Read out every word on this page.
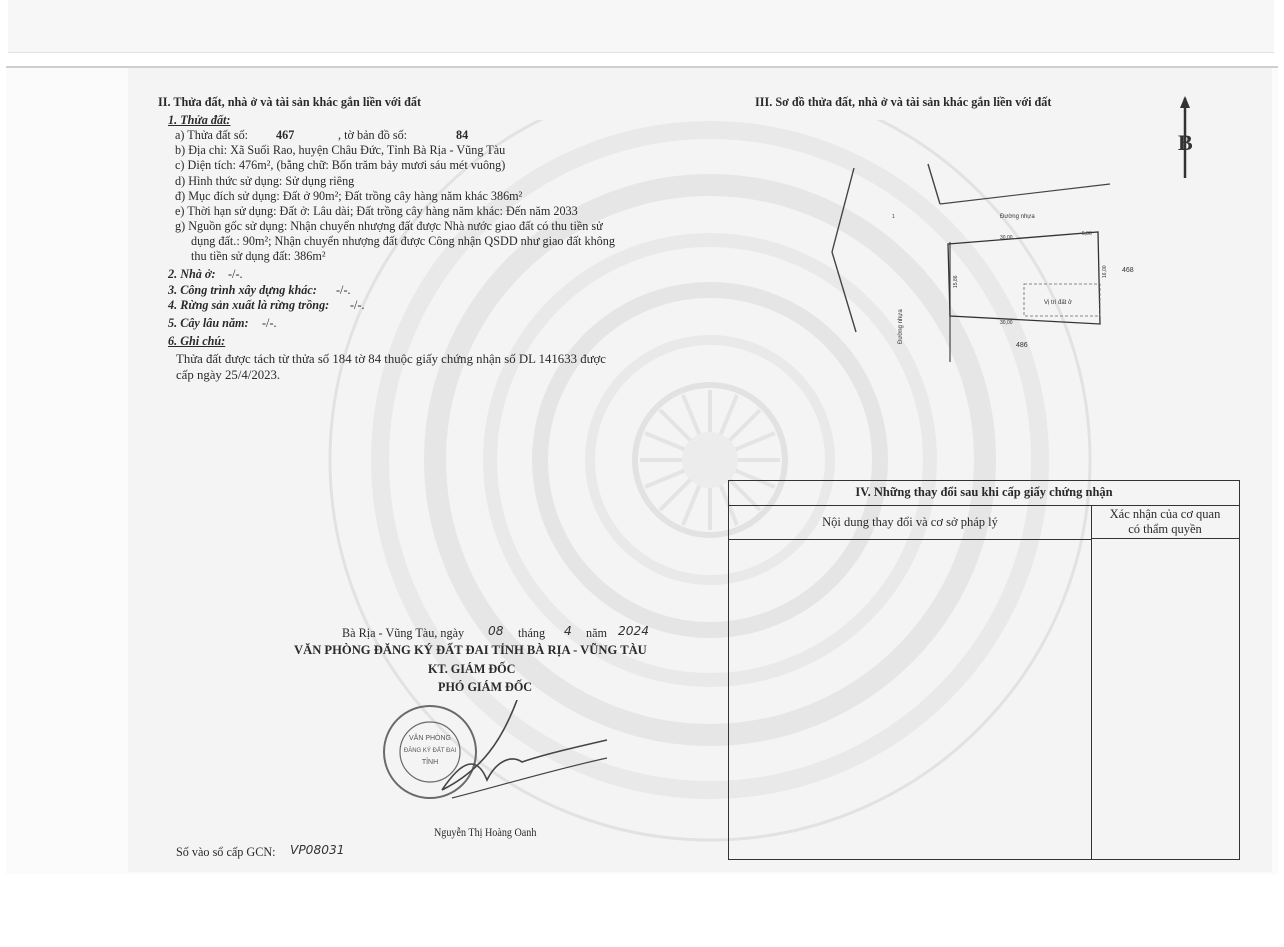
II. Thửa đất, nhà ở và tài sản khác gắn liền với đất
1. Thửa đất:
a) Thửa đất số: 467	, tờ bản đồ số:	84
b) Địa chỉ: Xã Suối Rao, huyện Châu Đức, Tỉnh Bà Rịa - Vũng Tàu
c) Diện tích: 476m², (bằng chữ: Bốn trăm bảy mươi sáu mét vuông)
d) Hình thức sử dụng: Sử dụng riêng
đ) Mục đích sử dụng: Đất ở 90m²; Đất trồng cây hàng năm khác 386m²
e) Thời hạn sử dụng: Đất ở: Lâu dài; Đất trồng cây hàng năm khác: Đến năm 2033
g) Nguồn gốc sử dụng: Nhận chuyển nhượng đất được Nhà nước giao đất có thu tiền sử
dụng đất.: 90m²; Nhận chuyển nhượng đất được Công nhận QSDD như giao đất không
thu tiền sử dụng đất: 386m²
2. Nhà ở: -/-.
3. Công trình xây dựng khác: -/-.
4. Rừng sản xuất là rừng trồng: -/-.
5. Cây lâu năm: -/-.
6. Ghi chú:
Thửa đất được tách từ thửa số 184 tờ 84 thuộc giấy chứng nhận số DL 141633 được
cấp ngày 25/4/2023.
Bà Rịa - Vũng Tàu, ngày 08 tháng 4 năm 2024
VĂN PHÒNG ĐĂNG KÝ ĐẤT ĐAI TỈNH BÀ RỊA - VŨNG TÀU
KT. GIÁM ĐỐC
PHÓ GIÁM ĐỐC
VĂN PHÒNG
ĐĂNG KÝ ĐẤT ĐAI
TỈNH
Nguyễn Thị Hoàng Oanh
Số vào sổ cấp GCN: VP08031
III. Sơ đồ thửa đất, nhà ở và tài sản khác gắn liền với đất
B
Vị trí đất ở
Đường nhựa
Đường nhựa
30,00
5,06
30,00
15,86
16,00 468
486
1
IV. Những thay đổi sau khi cấp giấy chứng nhận
Nội dung thay đổi và cơ sở pháp lý
Xác nhận của cơ quan
có thẩm quyền
